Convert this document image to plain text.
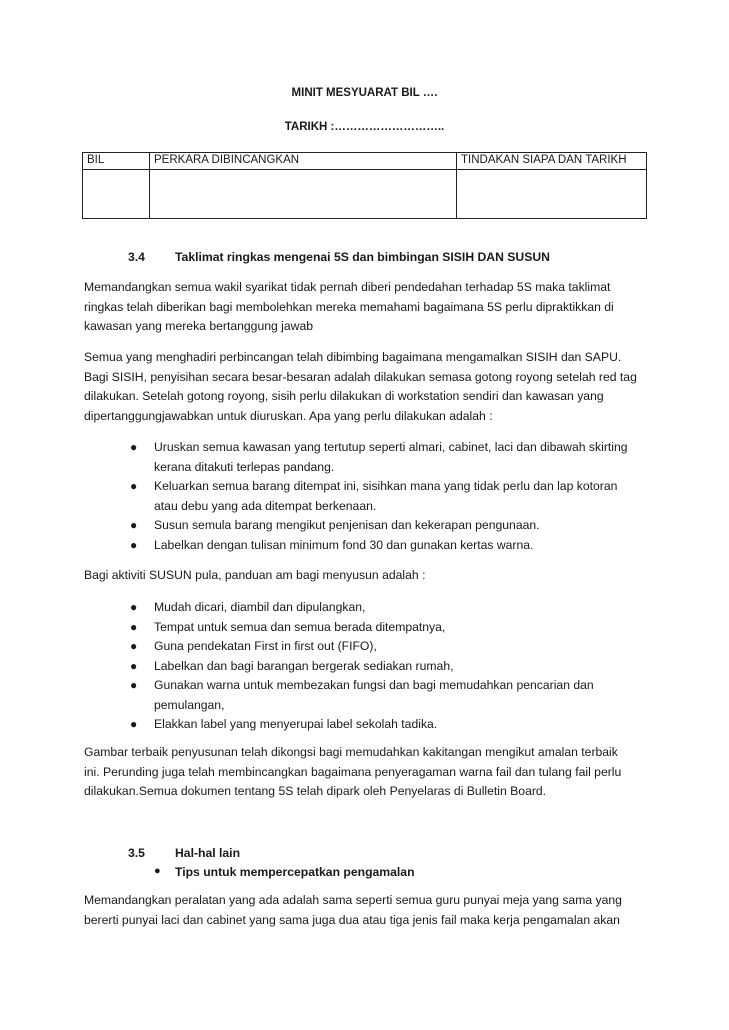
MINIT MESYUARAT BIL ….
TARIKH :………………………..
BIL	PERKARA DIBINCANGKAN	TINDAKAN SIAPA DAN TARIKH

3.4 Taklimat ringkas mengenai 5S dan bimbingan SISIH DAN SUSUN

Memandangkan semua wakil syarikat tidak pernah diberi pendedahan terhadap 5S maka taklimat

ringkas telah diberikan bagi membolehkan mereka memahami bagaimana 5S perlu dipraktikkan di

kawasan yang mereka bertanggung jawab

Semua yang menghadiri perbincangan telah dibimbing bagaimana mengamalkan SISIH dan SAPU.

Bagi SISIH, penyisihan secara besar-besaran adalah dilakukan semasa gotong royong setelah red tag

dilakukan. Setelah gotong royong, sisih perlu dilakukan di workstation sendiri dan kawasan yang

dipertanggungjawabkan untuk diuruskan. Apa yang perlu dilakukan adalah :

● Uruskan semua kawasan yang tertutup seperti almari, cabinet, laci dan dibawah skirting
kerana ditakuti terlepas pandang.
● Keluarkan semua barang ditempat ini, sisihkan mana yang tidak perlu dan lap kotoran
atau debu yang ada ditempat berkenaan.
● Susun semula barang mengikut penjenisan dan kekerapan pengunaan.
● Labelkan dengan tulisan minimum fond 30 dan gunakan kertas warna.

Bagi aktiviti SUSUN pula, panduan am bagi menyusun adalah :

● Mudah dicari, diambil dan dipulangkan,
● Tempat untuk semua dan semua berada ditempatnya,
● Guna pendekatan First in first out (FIFO),
● Labelkan dan bagi barangan bergerak sediakan rumah,
● Gunakan warna untuk membezakan fungsi dan bagi memudahkan pencarian dan
pemulangan,
● Elakkan label yang menyerupai label sekolah tadika.

Gambar terbaik penyusunan telah dikongsi bagi memudahkan kakitangan mengikut amalan terbaik

ini. Perunding juga telah membincangkan bagaimana penyeragaman warna fail dan tulang fail perlu

dilakukan.Semua dokumen tentang 5S telah dipark oleh Penyelaras di Bulletin Board.

3.5 Hal-hal lain
● Tips untuk mempercepatkan pengamalan

Memandangkan peralatan yang ada adalah sama seperti semua guru punyai meja yang sama yang

bererti punyai laci dan cabinet yang sama juga dua atau tiga jenis fail maka kerja pengamalan akan
